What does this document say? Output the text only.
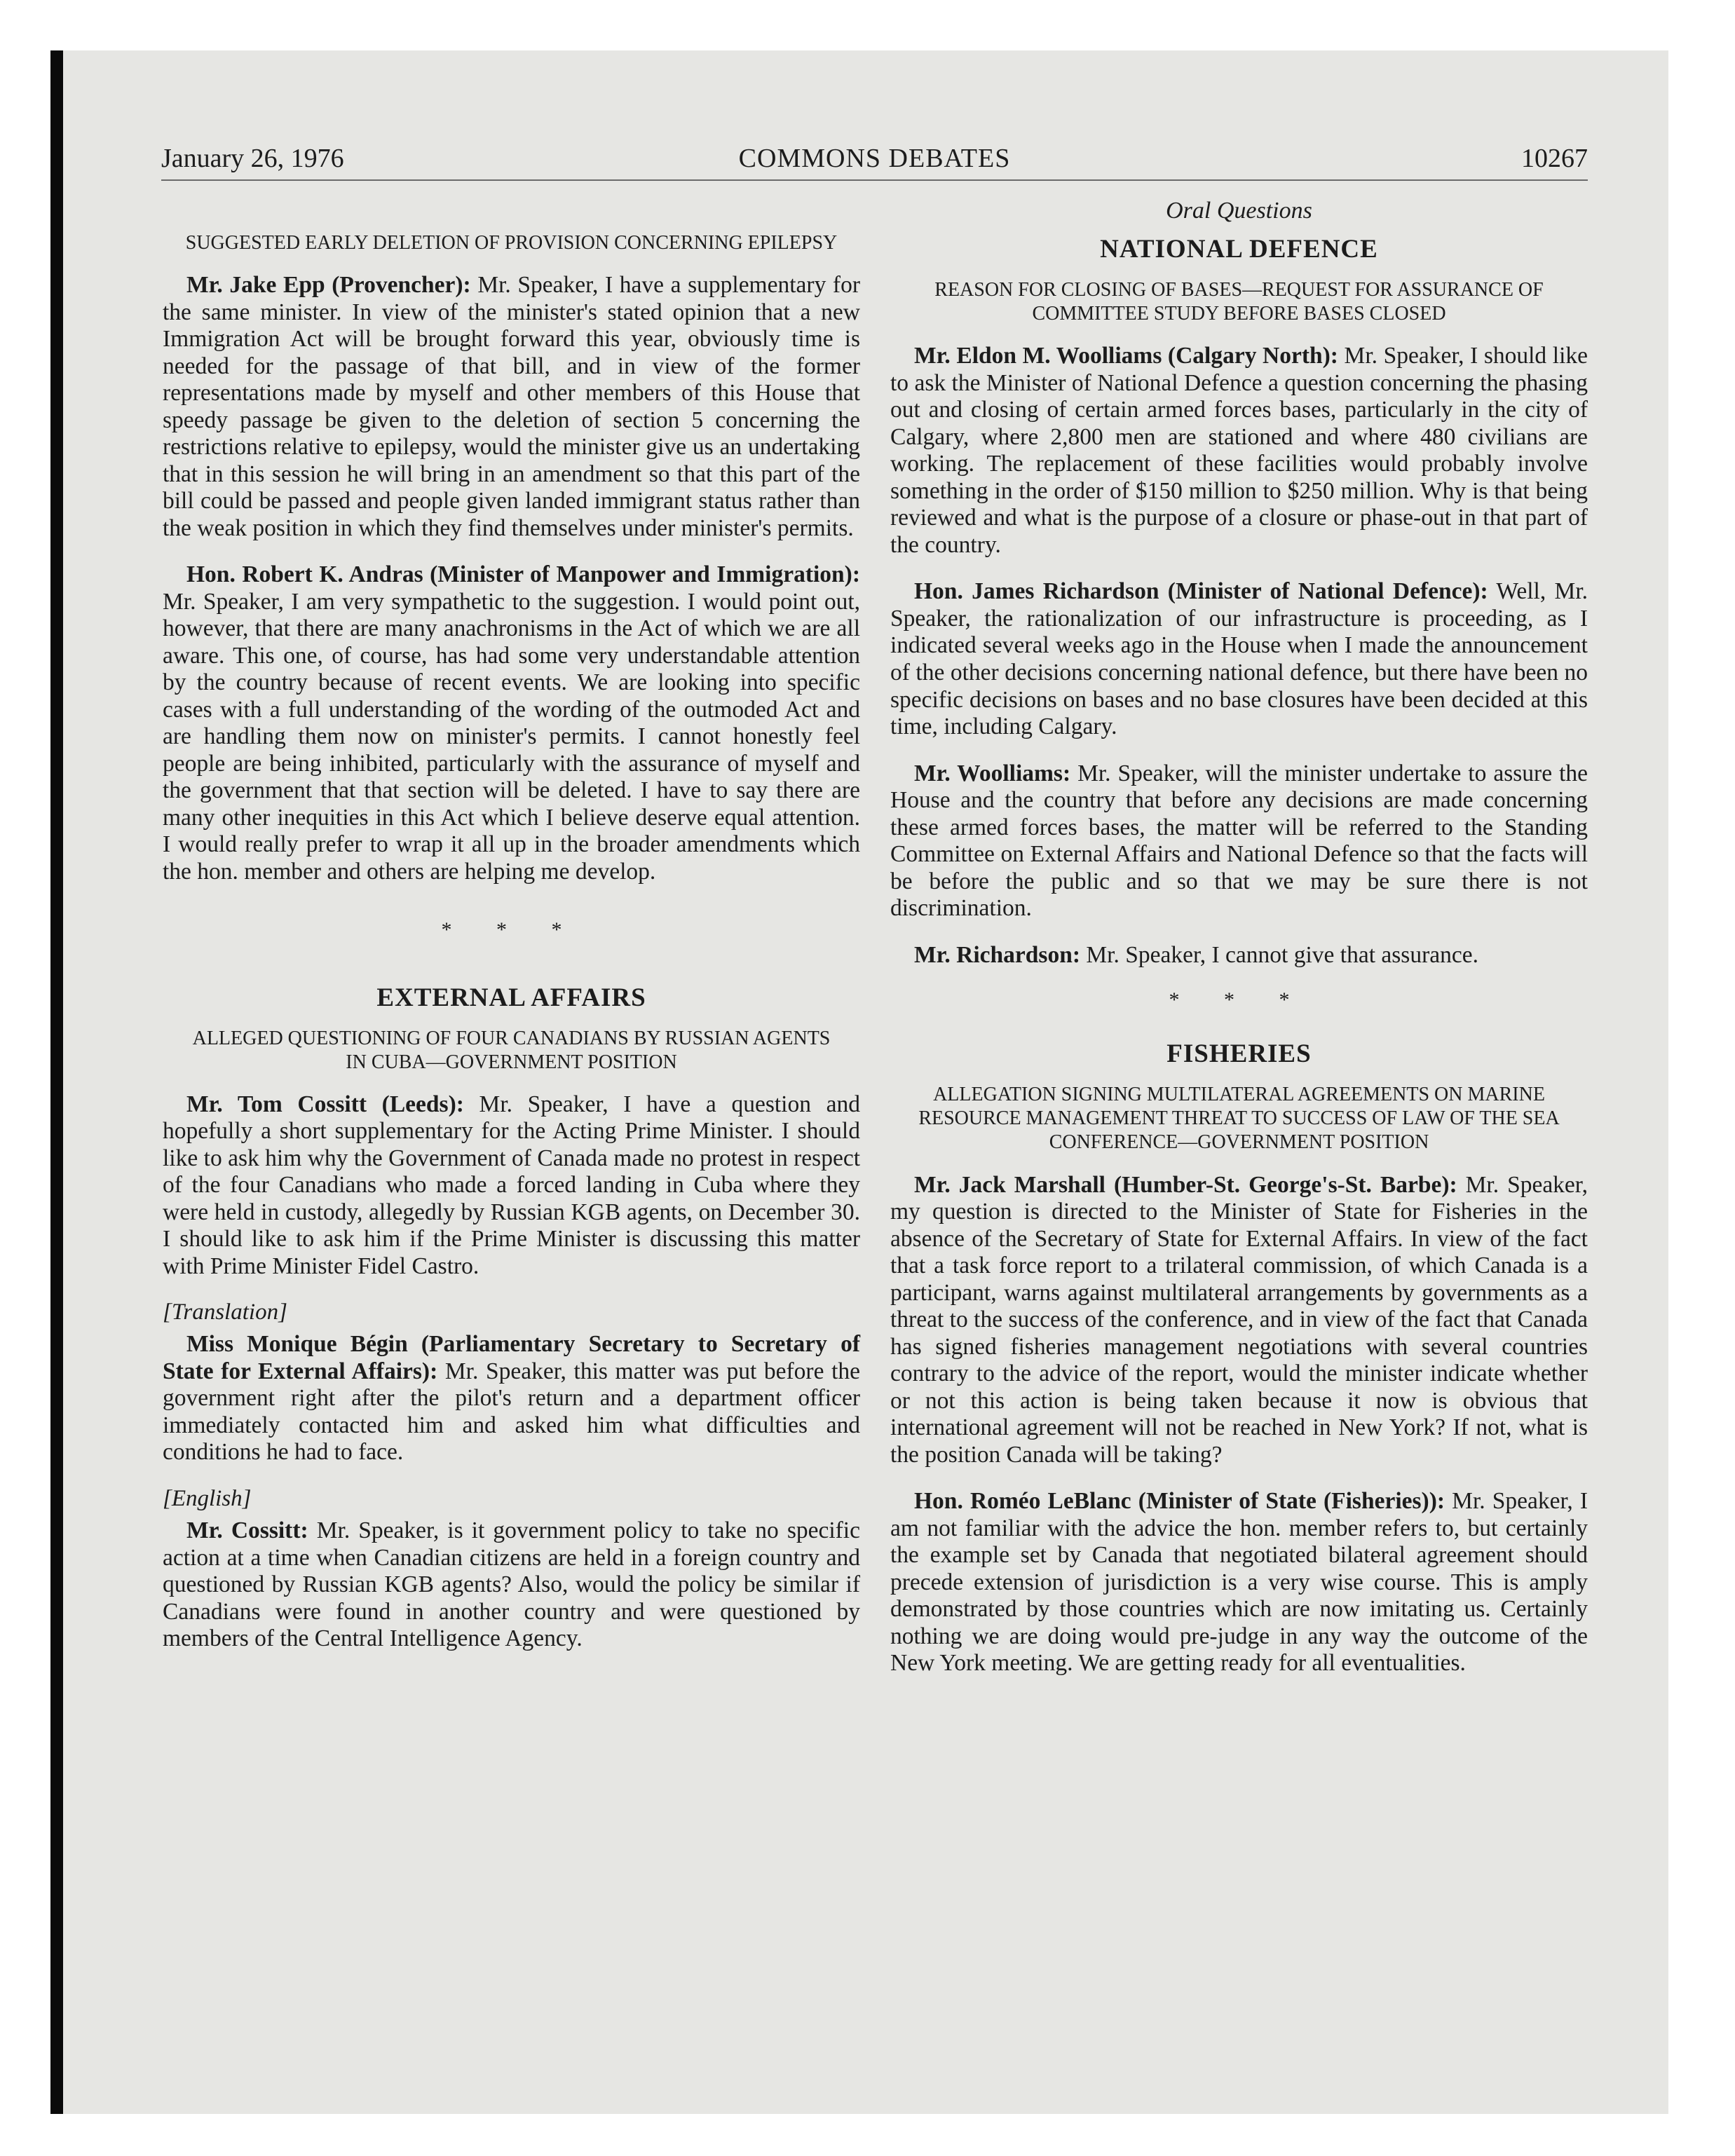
January 26, 1976	COMMONS DEBATES	10267
SUGGESTED EARLY DELETION OF PROVISION CONCERNING EPILEPSY

Mr. Jake Epp (Provencher): Mr. Speaker, I have a supplementary for the same minister. In view of the minister's stated opinion that a new Immigration Act will be brought forward this year, obviously time is needed for the passage of that bill, and in view of the former representations made by myself and other members of this House that speedy passage be given to the deletion of section 5 concerning the restrictions relative to epilepsy, would the minister give us an undertaking that in this session he will bring in an amendment so that this part of the bill could be passed and people given landed immigrant status rather than the weak position in which they find themselves under minister's permits.

Hon. Robert K. Andras (Minister of Manpower and Immigration): Mr. Speaker, I am very sympathetic to the suggestion. I would point out, however, that there are many anachronisms in the Act of which we are all aware. This one, of course, has had some very understandable attention by the country because of recent events. We are looking into specific cases with a full understanding of the wording of the outmoded Act and are handling them now on minister's permits. I cannot honestly feel people are being inhibited, particularly with the assurance of myself and the government that that section will be deleted. I have to say there are many other inequities in this Act which I believe deserve equal attention. I would really prefer to wrap it all up in the broader amendments which the hon. member and others are helping me develop.

* * *

EXTERNAL AFFAIRS
ALLEGED QUESTIONING OF FOUR CANADIANS BY RUSSIAN AGENTS IN CUBA—GOVERNMENT POSITION

Mr. Tom Cossitt (Leeds): Mr. Speaker, I have a question and hopefully a short supplementary for the Acting Prime Minister. I should like to ask him why the Government of Canada made no protest in respect of the four Canadians who made a forced landing in Cuba where they were held in custody, allegedly by Russian KGB agents, on December 30. I should like to ask him if the Prime Minister is discussing this matter with Prime Minister Fidel Castro.

[Translation]

Miss Monique Bégin (Parliamentary Secretary to Secretary of State for External Affairs): Mr. Speaker, this matter was put before the government right after the pilot's return and a department officer immediately contacted him and asked him what difficulties and conditions he had to face.

[English]

Mr. Cossitt: Mr. Speaker, is it government policy to take no specific action at a time when Canadian citizens are held in a foreign country and questioned by Russian KGB agents? Also, would the policy be similar if Canadians were found in another country and were questioned by members of the Central Intelligence Agency.

Oral Questions
NATIONAL DEFENCE
REASON FOR CLOSING OF BASES—REQUEST FOR ASSURANCE OF COMMITTEE STUDY BEFORE BASES CLOSED

Mr. Eldon M. Woolliams (Calgary North): Mr. Speaker, I should like to ask the Minister of National Defence a question concerning the phasing out and closing of certain armed forces bases, particularly in the city of Calgary, where 2,800 men are stationed and where 480 civilians are working. The replacement of these facilities would probably involve something in the order of $150 million to $250 million. Why is that being reviewed and what is the purpose of a closure or phase-out in that part of the country.

Hon. James Richardson (Minister of National Defence): Well, Mr. Speaker, the rationalization of our infrastructure is proceeding, as I indicated several weeks ago in the House when I made the announcement of the other decisions concerning national defence, but there have been no specific decisions on bases and no base closures have been decided at this time, including Calgary.

Mr. Woolliams: Mr. Speaker, will the minister undertake to assure the House and the country that before any decisions are made concerning these armed forces bases, the matter will be referred to the Standing Committee on External Affairs and National Defence so that the facts will be before the public and so that we may be sure there is not discrimination.

Mr. Richardson: Mr. Speaker, I cannot give that assurance.

* * *

FISHERIES
ALLEGATION SIGNING MULTILATERAL AGREEMENTS ON MARINE RESOURCE MANAGEMENT THREAT TO SUCCESS OF LAW OF THE SEA CONFERENCE—GOVERNMENT POSITION

Mr. Jack Marshall (Humber-St. George's-St. Barbe): Mr. Speaker, my question is directed to the Minister of State for Fisheries in the absence of the Secretary of State for External Affairs. In view of the fact that a task force report to a trilateral commission, of which Canada is a participant, warns against multilateral arrangements by governments as a threat to the success of the conference, and in view of the fact that Canada has signed fisheries management negotiations with several countries contrary to the advice of the report, would the minister indicate whether or not this action is being taken because it now is obvious that international agreement will not be reached in New York? If not, what is the position Canada will be taking?

Hon. Roméo LeBlanc (Minister of State (Fisheries)): Mr. Speaker, I am not familiar with the advice the hon. member refers to, but certainly the example set by Canada that negotiated bilateral agreement should precede extension of jurisdiction is a very wise course. This is amply demonstrated by those countries which are now imitating us. Certainly nothing we are doing would pre-judge in any way the outcome of the New York meeting. We are getting ready for all eventualities.
